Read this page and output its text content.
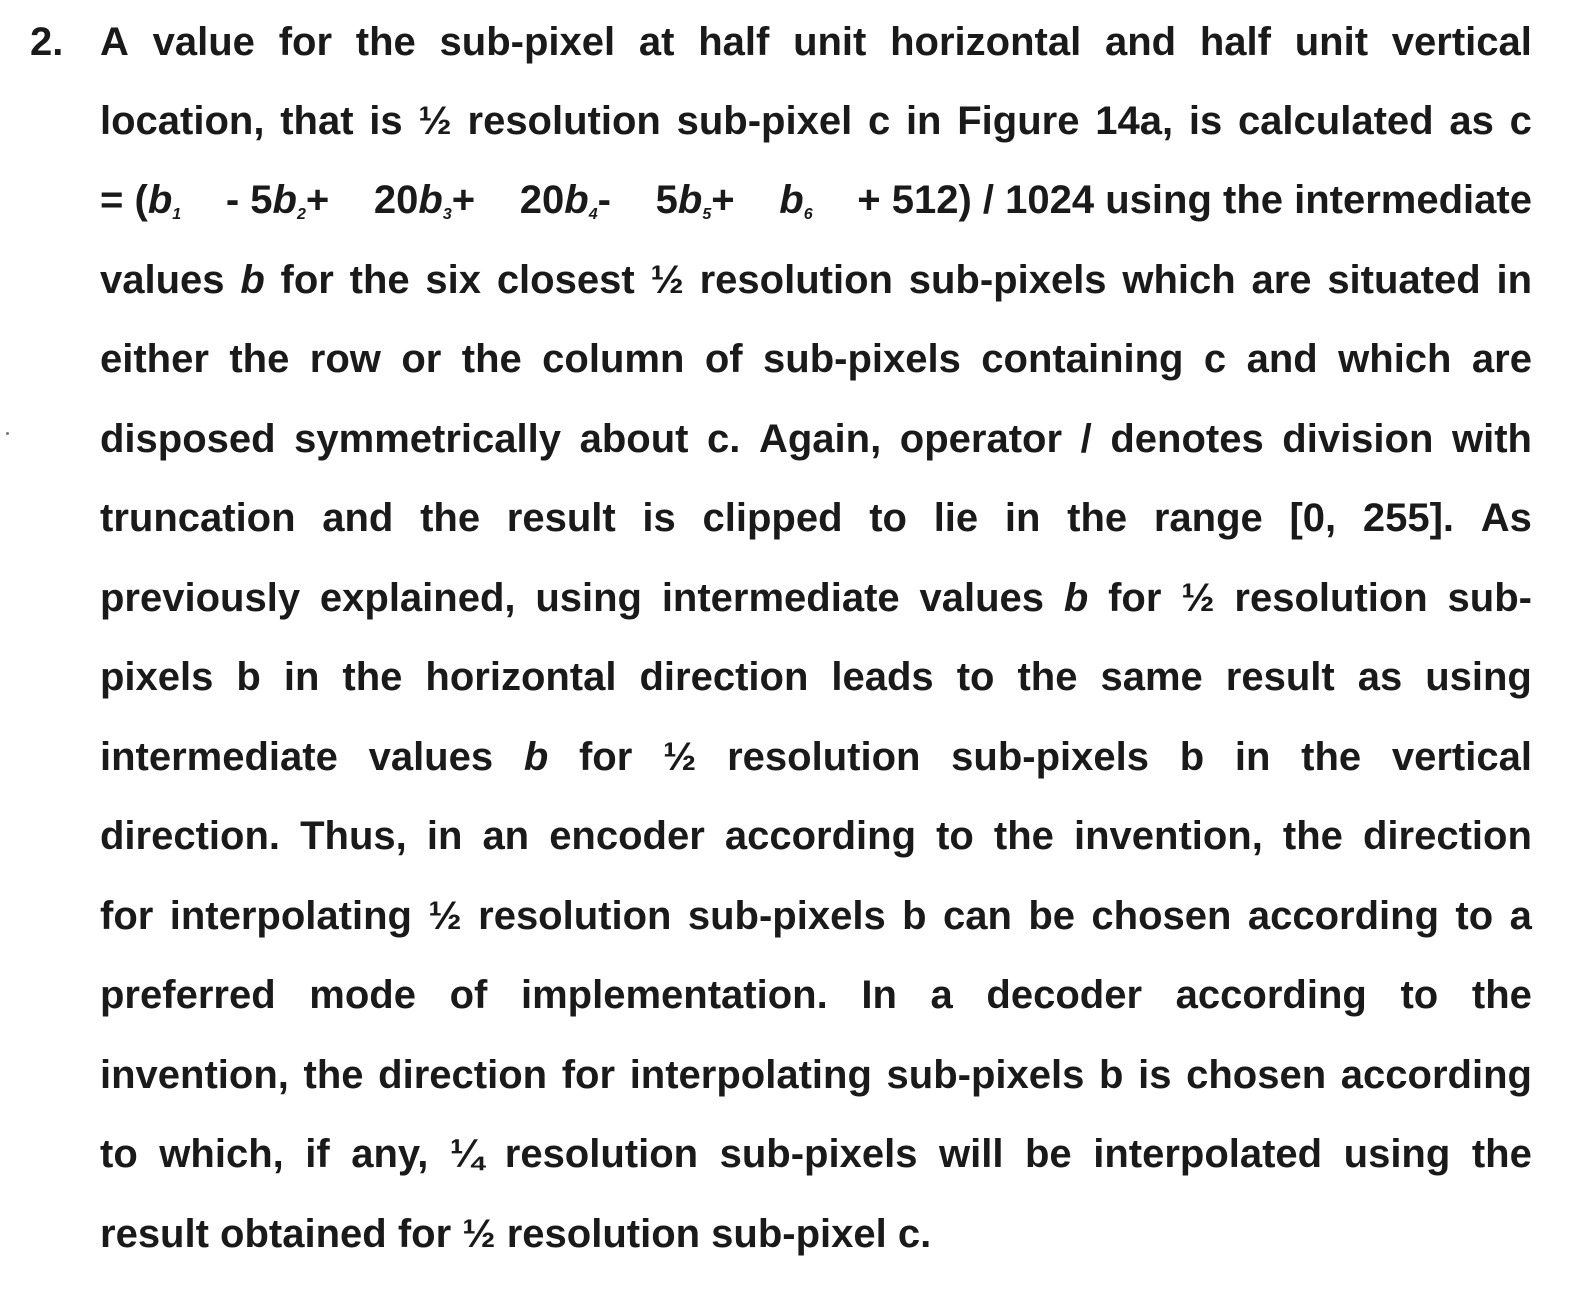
2. A value for the sub-pixel at half unit horizontal and half unit vertical
location, that is ½ resolution sub-pixel c in Figure 14a, is calculated as c
= ($b_1 - 5b_2+ 20b_3+ 20b_4-$ $5b_5+ b_6 + 512) / 1024$ using the intermediate
values b for the six closest ½ resolution sub-pixels which are situated in
either the row or the column of sub-pixels containing c and which are
disposed symmetrically about c. Again, operator / denotes division with
truncation and the result is clipped to lie in the range [0, 255]. As
previously explained, using intermediate values b for ½ resolution sub-
pixels b in the horizontal direction leads to the same result as using
intermediate values b for ½ resolution sub-pixels b in the vertical
direction. Thus, in an encoder according to the invention, the direction
for interpolating ½ resolution sub-pixels b can be chosen according to a
preferred mode of implementation. In a decoder according to the
invention, the direction for interpolating sub-pixels b is chosen according
to which, if any, ¼ resolution sub-pixels will be interpolated using the
result obtained for ½ resolution sub-pixel c.
